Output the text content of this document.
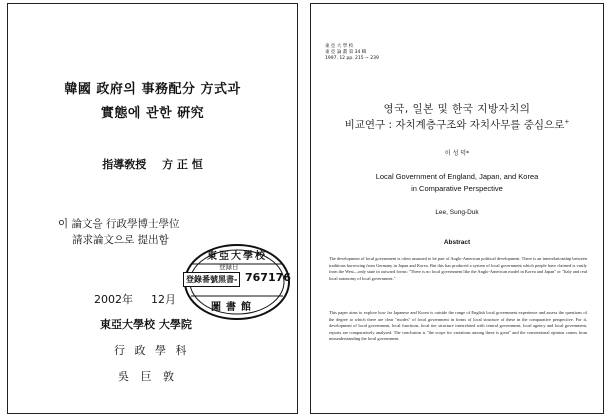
韓國 政府의 事務配分 方式과
實態에 관한 硏究
指導敎授 方 正 恒
이 論文을 行政學博士學位
請求論文으로 提出함
2002年 12月
東亞大學校 大學院
行 政 學 科
吳 巨 敦
東亞大學校
登録日
登錄番號黑書- 767176
圖書館
東 亞 大 學 校
東 亞 論 叢 第 34 輯
1997. 12 pp. 215 ~ 239
영국, 일본 및 한국 지방자치의
비교연구 : 자치계층구조와 자치사무를 중심으로+
이 성 덕*
Local Government of England, Japan, and Korea
in Comparative Perspective
Lee, Sung-Duk
Abstract
The development of local government is often assumed to be part of Anglo-American political development. There is an interrelationship between traditions borrowing from Germany in Japan and Korea. But this has produced a system of local government which people have claimed is vastly from the West—only state in outward forms: "There is no local government like the Anglo-American model in Korea and Japan" or "Italy and real local autonomy of local government."
This paper aims to explore how far Japanese and Korea is outside the range of English local government experience and assess the questions of the degree to which there are clear "modes" of local government in forms of local structure of these in the comparative perspective. For it, development of local government, local functions, local tier structure interrelated with central government, local agency and local government, reports are comparatively analysed. The conclusion is "the scope for variations among these is great" and the conventional opinion comes from misunderstanding the local government.
